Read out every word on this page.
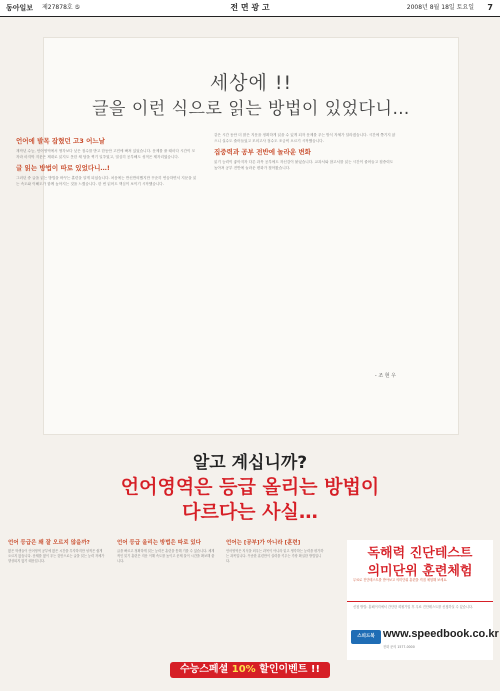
동아일보 제27878호 ⑤	전 면 광 고	2008년 8월 18일 토요일 7
세상에 !!
글을 이런 식으로 읽는 방법이 있었다니…
언어에 발목 잡혔던 고3 어느날

재작년 수능, 언어영역에서 생각보다 낮은 점수를 받고 한동안 고민에 빠져 있었습니다. 문제를 풀 때마다 시간이 모자라 마지막 지문은 제대로 읽지도 못한 채 답을 찍기 일쑤였고, 열심히 공부해도 성적은 제자리였습니다.

글 읽는 방법이 따로 있었다니…!

그러던 중 글을 읽는 방법을 바꾸는 훈련을 알게 되었습니다. 처음에는 반신반의했지만 꾸준히 연습하면서 지문을 읽는 속도와 이해도가 함께 높아지는 것을 느꼈습니다. 한 번 읽어도 핵심이 보이기 시작했습니다.

같은 시간 동안 더 많은 지문을 정확하게 읽을 수 있게 되자 문제를 푸는 방식 자체가 달라졌습니다. 시간에 쫓기지 않으니 실수도 줄어들었고 모의고사 점수도 조금씩 오르기 시작했습니다.

집중력과 공부 전반에 놀라운 변화

읽기 능력이 좋아지자 다른 과목 공부에도 자신감이 붙었습니다. 교과서와 참고서를 읽는 시간이 줄어들고 집중력도 높아져 공부 전반에 놀라운 변화가 찾아왔습니다.

- 조 현 우
알고 계십니까?
언어영역은 등급 올리는 방법이
다르다는 사실…
언어 등급은 왜 잘 오르지 않을까?
많은 학생들이 언어영역 공부에 많은 시간을 투자하지만 성적은 쉽게 오르지 않습니다. 문제를 많이 푸는 것만으로는 글을 읽는 능력 자체가 향상되지 않기 때문입니다.
언어 등급 올리는 방법은 따로 있다
글을 빠르고 정확하게 읽는 능력은 훈련을 통해 기를 수 있습니다. 체계적인 읽기 훈련은 지문 이해 속도를 높이고 문제 풀이 시간을 확보해 줍니다.
언어는 [공부]가 아니라 [훈련]
언어영역은 지식을 외우는 과목이 아니라 읽고 생각하는 능력을 평가하는 과목입니다. 꾸준한 훈련만이 실력을 키우는 가장 확실한 방법입니다.	독해력 진단테스트
의미단위 훈련체험
무료로 진단테스트를 받아보고 의미단위 훈련을 직접 체험해 보세요.
신청 방법: 홈페이지에서 간단한 회원가입 후 무료 진단테스트를 신청하실 수 있습니다.
스피드북 www.speedbook.co.kr
전화 문의 1577-0000
수능스페셜 10% 할인이벤트 !!
